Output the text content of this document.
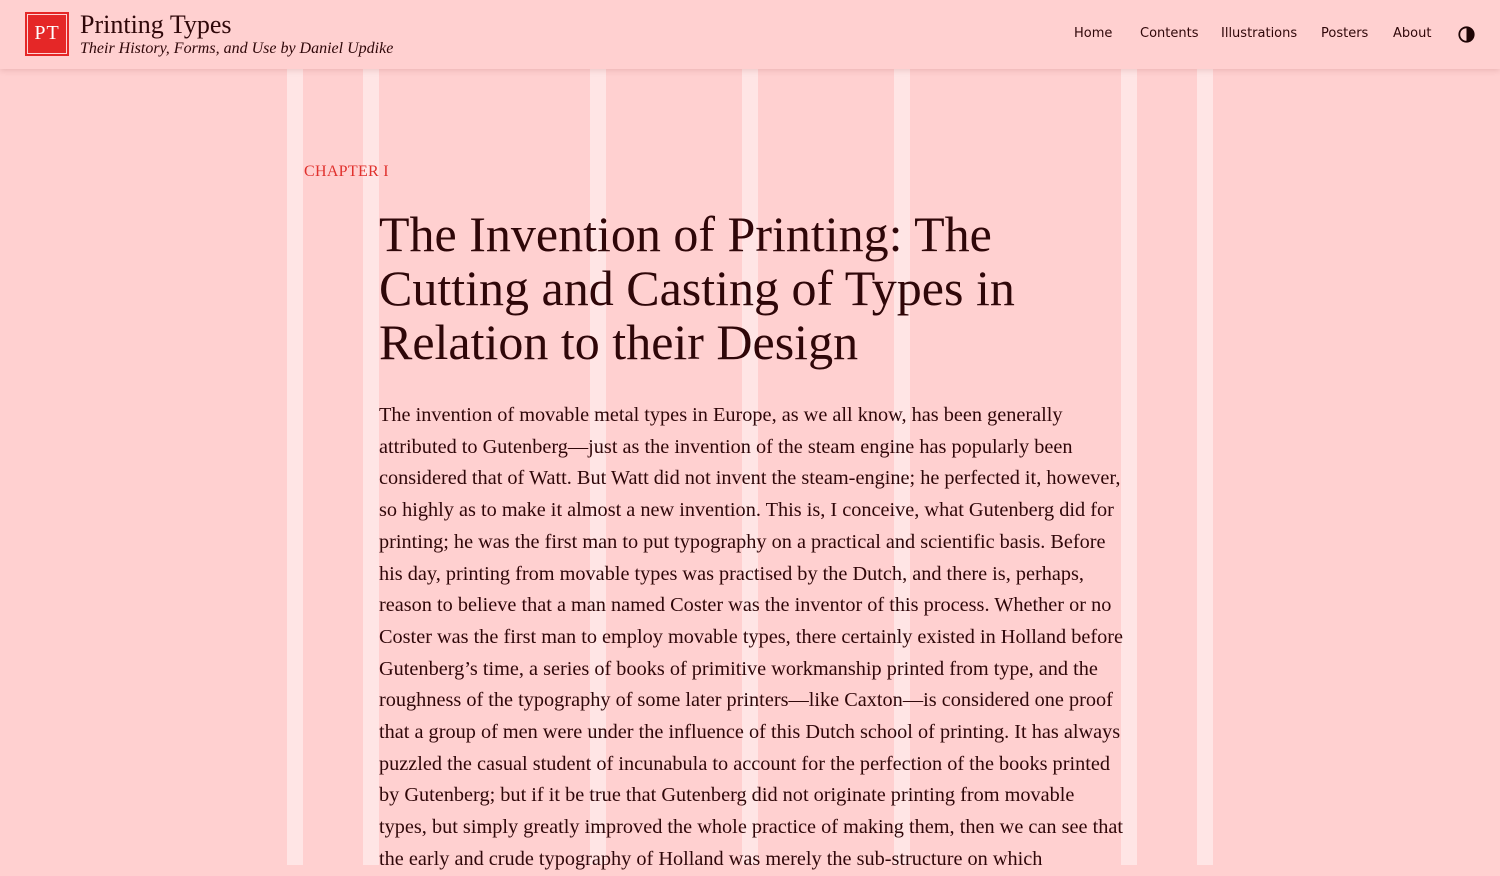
PT Printing Types
Their History, Forms, and Use by Daniel Updike
Home Contents Illustrations Posters About
CHAPTER I
The Invention of Printing: The Cutting and Casting of Types in Relation to their Design

The invention of movable metal types in Europe, as we all know, has been generally attributed to Gutenberg—just as the invention of the steam engine has popularly been considered that of Watt. But Watt did not invent the steam-engine; he perfected it, however, so highly as to make it almost a new invention. This is, I conceive, what Gutenberg did for printing; he was the first man to put typography on a practical and scientific basis. Before his day, printing from movable types was practised by the Dutch, and there is, perhaps, reason to believe that a man named Coster was the inventor of this process. Whether or no Coster was the first man to employ movable types, there certainly existed in Holland before Gutenberg’s time, a series of books of primitive workmanship printed from type, and the roughness of the typography of some later printers—like Caxton—is considered one proof that a group of men were under the influence of this Dutch school of printing. It has always puzzled the casual student of incunabula to account for the perfection of the books printed by Gutenberg; but if it be true that Gutenberg did not originate printing from movable types, but simply greatly improved the whole practice of making them, then we can see that the early and crude typography of Holland was merely the sub-structure on which
